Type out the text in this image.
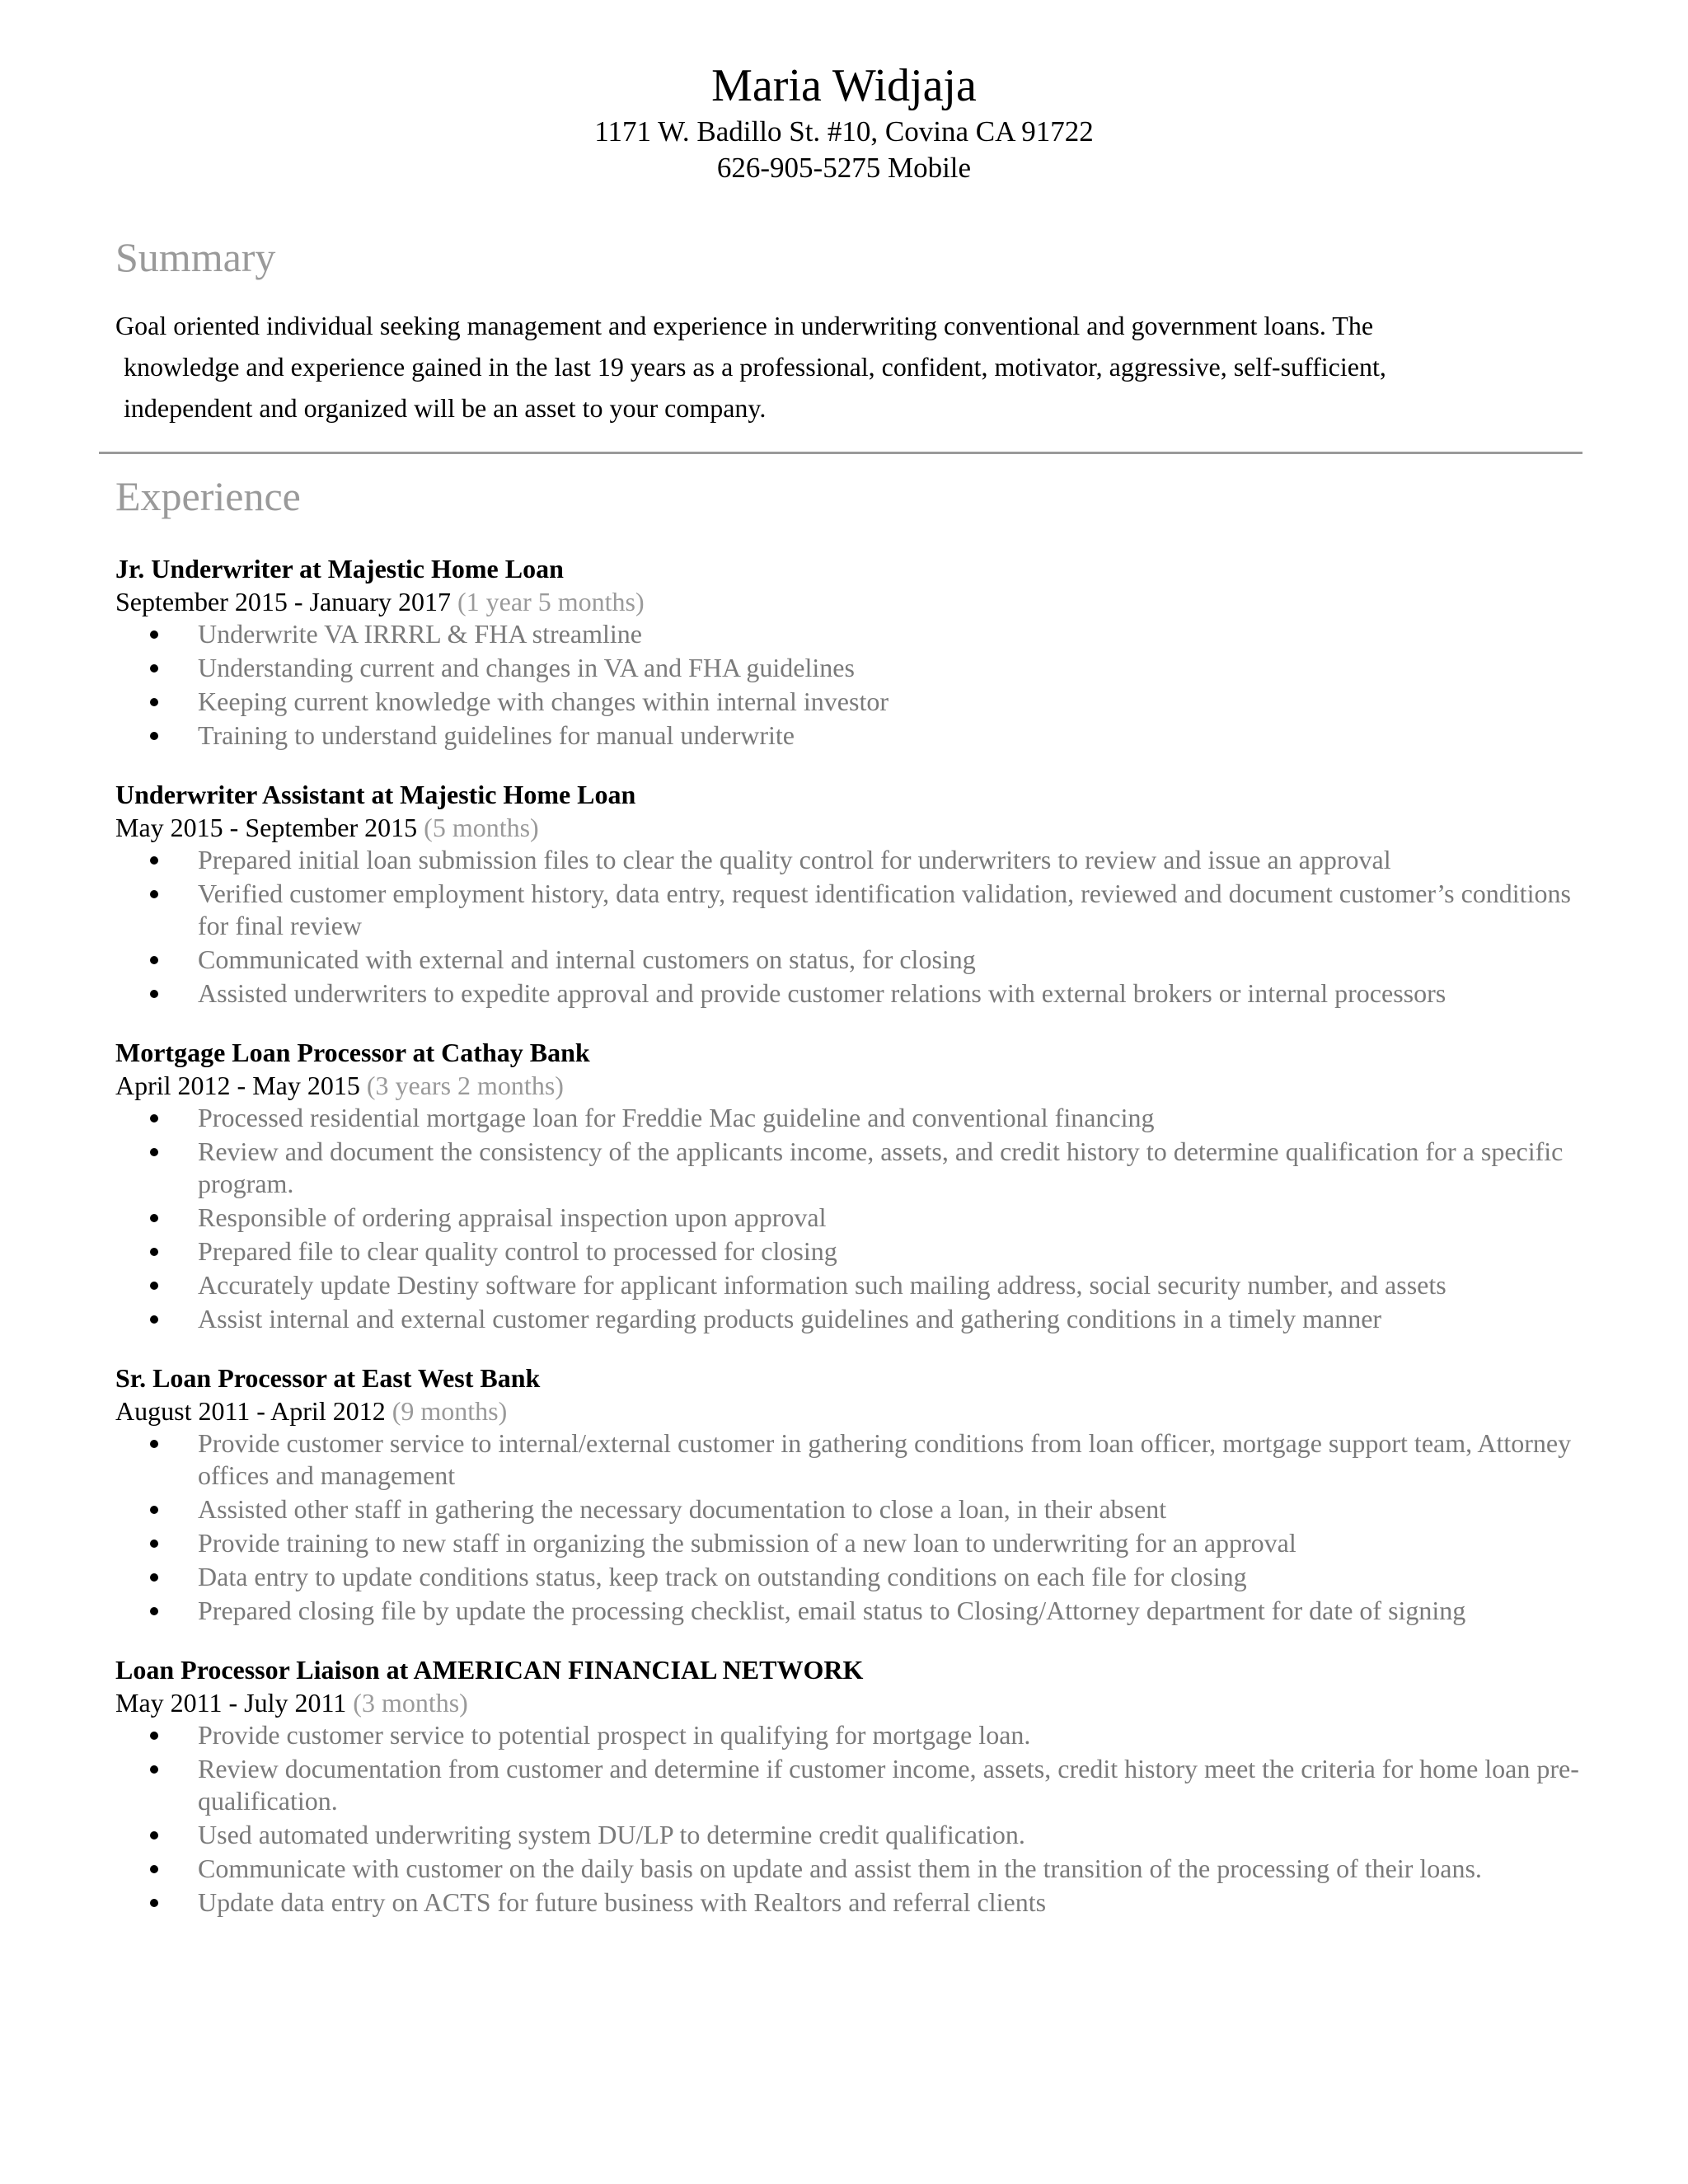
Maria Widjaja
1171 W. Badillo St. #10, Covina CA 91722
626-905-5275 Mobile
Summary
Goal oriented individual seeking management and experience in underwriting conventional and government loans. The
knowledge and experience gained in the last 19 years as a professional, confident, motivator, aggressive, self-sufficient,
independent and organized will be an asset to your company.
Experience
Jr. Underwriter at Majestic Home Loan
September 2015 - January 2017 (1 year 5 months)
Underwrite VA IRRRL & FHA streamline
Understanding current and changes in VA and FHA guidelines
Keeping current knowledge with changes within internal investor
Training to understand guidelines for manual underwrite
Underwriter Assistant at Majestic Home Loan
May 2015 - September 2015 (5 months)
Prepared initial loan submission files to clear the quality control for underwriters to review and issue an approval
Verified customer employment history, data entry, request identification validation, reviewed and document customer’s conditions for final review
Communicated with external and internal customers on status, for closing
Assisted underwriters to expedite approval and provide customer relations with external brokers or internal processors
Mortgage Loan Processor at Cathay Bank
April 2012 - May 2015 (3 years 2 months)
Processed residential mortgage loan for Freddie Mac guideline and conventional financing
Review and document the consistency of the applicants income, assets, and credit history to determine qualification for a specific program.
Responsible of ordering appraisal inspection upon approval
Prepared file to clear quality control to processed for closing
Accurately update Destiny software for applicant information such mailing address, social security number, and assets
Assist internal and external customer regarding products guidelines and gathering conditions in a timely manner
Sr. Loan Processor at East West Bank
August 2011 - April 2012 (9 months)
Provide customer service to internal/external customer in gathering conditions from loan officer, mortgage support team, Attorney offices and management
Assisted other staff in gathering the necessary documentation to close a loan, in their absent
Provide training to new staff in organizing the submission of a new loan to underwriting for an approval
Data entry to update conditions status, keep track on outstanding conditions on each file for closing
Prepared closing file by update the processing checklist, email status to Closing/Attorney department for date of signing
Loan Processor Liaison at AMERICAN FINANCIAL NETWORK
May 2011 - July 2011 (3 months)
Provide customer service to potential prospect in qualifying for mortgage loan.
Review documentation from customer and determine if customer income, assets, credit history meet the criteria for home loan pre- qualification.
Used automated underwriting system DU/LP to determine credit qualification.
Communicate with customer on the daily basis on update and assist them in the transition of the processing of their loans.
Update data entry on ACTS for future business with Realtors and referral clients
